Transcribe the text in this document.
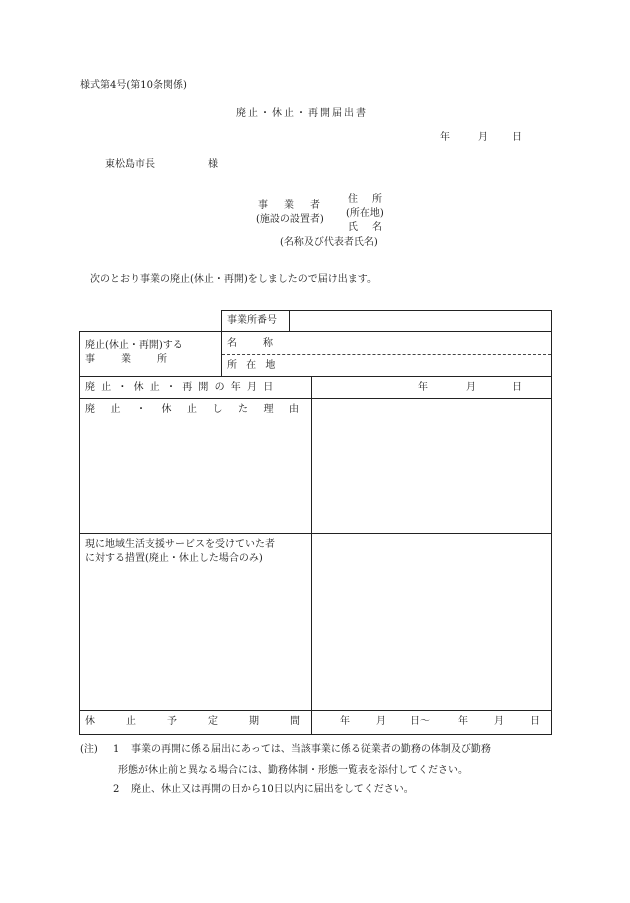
様式第4号(第10条関係)
廃止・休止・再開届出書
年	月 日
東松島市長	様
事　業　者
(施設の設置者)
住　所
(所在地)
氏　名
(名称及び代表者氏名)
次のとおり事業の廃止(休止・再開)をしましたので届け出ます。
事業所番号
廃止(休止・再開)する
事　　業　　所
名　　称
所 在 地
廃止・休止・再開の年月日	年	月	日
廃止・休止した理由
現に地域生活支援サービスを受けていた者
に対する措置(廃止・休止した場合のみ)
休止予定期間 年	月 日〜	年	月	日
(注) 1 事業の再開に係る届出にあっては、当該事業に係る従業者の勤務の体制及び勤務
形態が休止前と異なる場合には、勤務体制・形態一覧表を添付してください。
2 廃止、休止又は再開の日から10日以内に届出をしてください。
